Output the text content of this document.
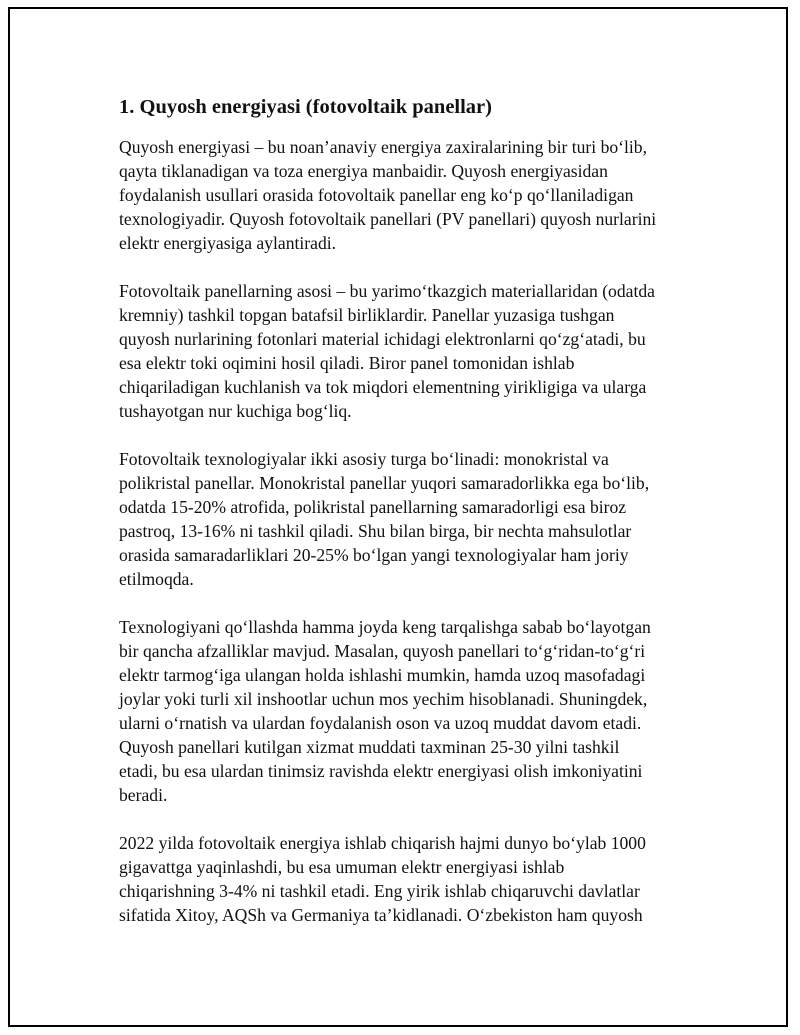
1. Quyosh energiyasi (fotovoltaik panellar)

Quyosh energiyasi – bu noan’anaviy energiya zaxiralarining bir turi bo‘lib,
qayta tiklanadigan va toza energiya manbaidir. Quyosh energiyasidan
foydalanish usullari orasida fotovoltaik panellar eng ko‘p qo‘llaniladigan
texnologiyadir. Quyosh fotovoltaik panellari (PV panellari) quyosh nurlarini
elektr energiyasiga aylantiradi.

Fotovoltaik panellarning asosi – bu yarimo‘tkazgich materiallaridan (odatda
kremniy) tashkil topgan batafsil birliklardir. Panellar yuzasiga tushgan
quyosh nurlarining fotonlari material ichidagi elektronlarni qo‘zg‘atadi, bu
esa elektr toki oqimini hosil qiladi. Biror panel tomonidan ishlab
chiqariladigan kuchlanish va tok miqdori elementning yirikligiga va ularga
tushayotgan nur kuchiga bog‘liq.

Fotovoltaik texnologiyalar ikki asosiy turga bo‘linadi: monokristal va
polikristal panellar. Monokristal panellar yuqori samaradorlikka ega bo‘lib,
odatda 15-20% atrofida, polikristal panellarning samaradorligi esa biroz
pastroq, 13-16% ni tashkil qiladi. Shu bilan birga, bir nechta mahsulotlar
orasida samaradarliklari 20-25% bo‘lgan yangi texnologiyalar ham joriy
etilmoqda.

Texnologiyani qo‘llashda hamma joyda keng tarqalishga sabab bo‘layotgan
bir qancha afzalliklar mavjud. Masalan, quyosh panellari to‘g‘ridan-to‘g‘ri
elektr tarmog‘iga ulangan holda ishlashi mumkin, hamda uzoq masofadagi
joylar yoki turli xil inshootlar uchun mos yechim hisoblanadi. Shuningdek,
ularni o‘rnatish va ulardan foydalanish oson va uzoq muddat davom etadi.
Quyosh panellari kutilgan xizmat muddati taxminan 25-30 yilni tashkil
etadi, bu esa ulardan tinimsiz ravishda elektr energiyasi olish imkoniyatini
beradi.

2022 yilda fotovoltaik energiya ishlab chiqarish hajmi dunyo bo‘ylab 1000
gigavattga yaqinlashdi, bu esa umuman elektr energiyasi ishlab
chiqarishning 3-4% ni tashkil etadi. Eng yirik ishlab chiqaruvchi davlatlar
sifatida Xitoy, AQSh va Germaniya ta’kidlanadi. O‘zbekiston ham quyosh
